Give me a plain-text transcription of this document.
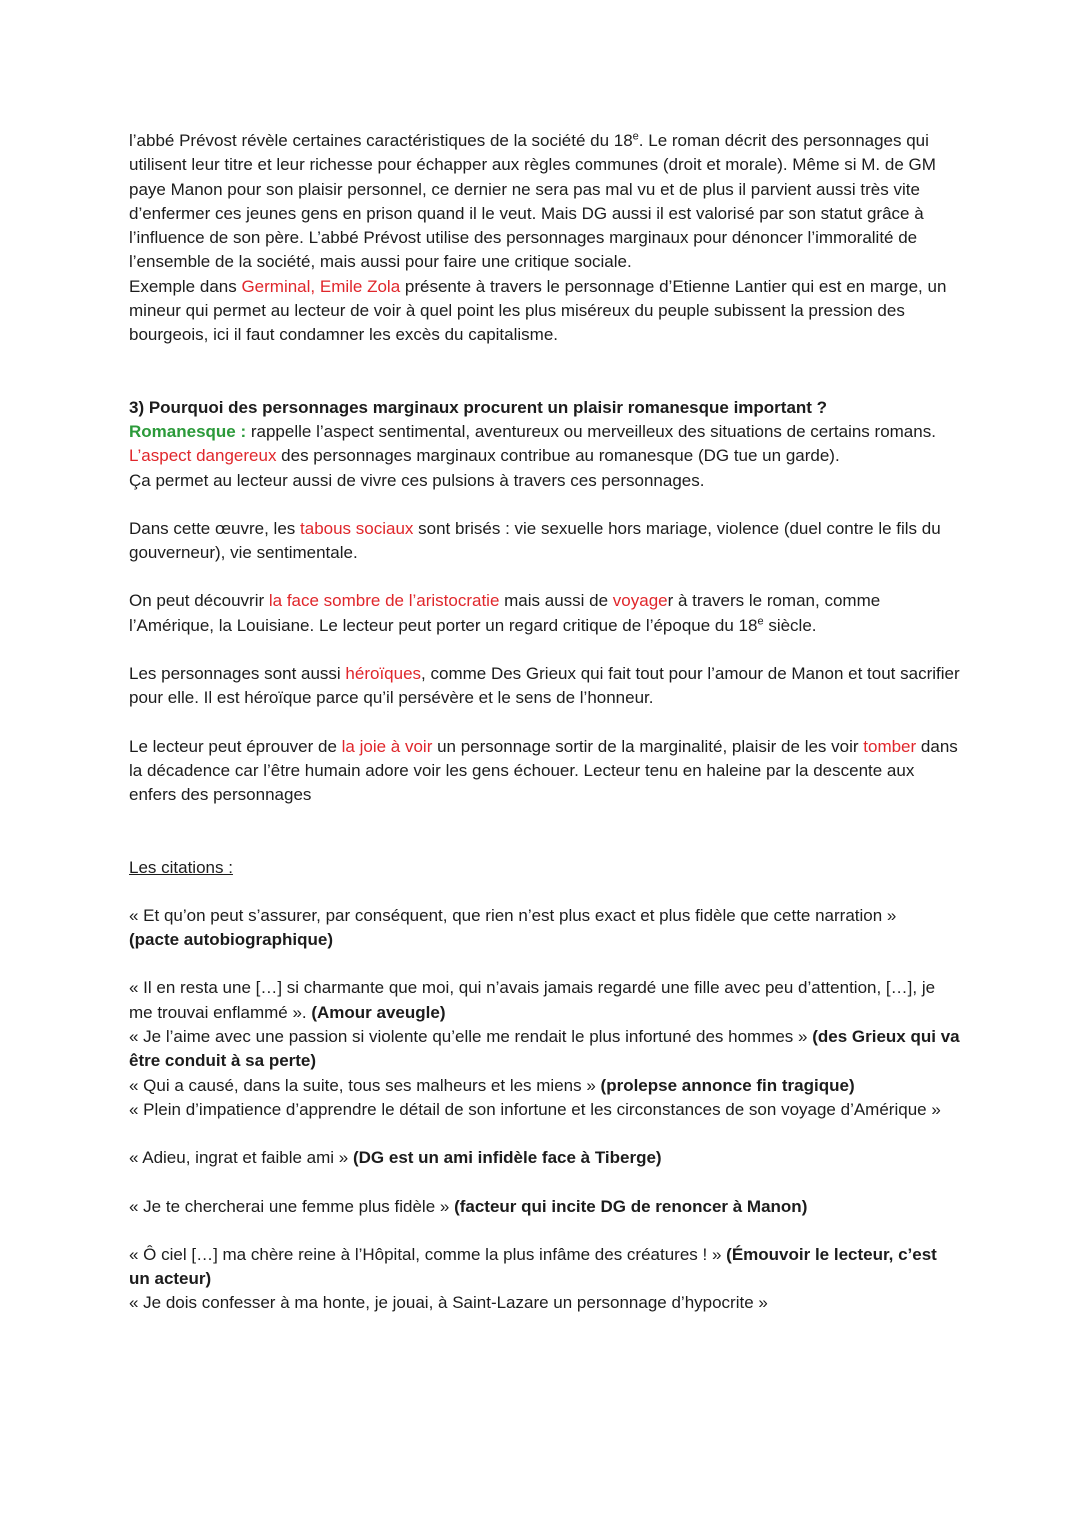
l’abbé Prévost révèle certaines caractéristiques de la société du 18e. Le roman décrit des personnages qui utilisent leur titre et leur richesse pour échapper aux règles communes (droit et morale). Même si M. de GM paye Manon pour son plaisir personnel, ce dernier ne sera pas mal vu et de plus il parvient aussi très vite d’enfermer ces jeunes gens en prison quand il le veut. Mais DG aussi il est valorisé par son statut grâce à l’influence de son père. L’abbé Prévost utilise des personnages marginaux pour dénoncer l’immoralité de l’ensemble de la société, mais aussi pour faire une critique sociale.
Exemple dans Germinal, Emile Zola présente à travers le personnage d’Etienne Lantier qui est en marge, un mineur qui permet au lecteur de voir à quel point les plus miséreux du peuple subissent la pression des bourgeois, ici il faut condamner les excès du capitalisme.

3) Pourquoi des personnages marginaux procurent un plaisir romanesque important ?

Romanesque : rappelle l’aspect sentimental, aventureux ou merveilleux des situations de certains romans.

L’aspect dangereux des personnages marginaux contribue au romanesque (DG tue un garde).

Ça permet au lecteur aussi de vivre ces pulsions à travers ces personnages.

Dans cette œuvre, les tabous sociaux sont brisés : vie sexuelle hors mariage, violence (duel contre le fils du gouverneur), vie sentimentale.

On peut découvrir la face sombre de l’aristocratie mais aussi de voyager à travers le roman, comme l’Amérique, la Louisiane. Le lecteur peut porter un regard critique de l’époque du 18e siècle.

Les personnages sont aussi héroïques, comme Des Grieux qui fait tout pour l’amour de Manon et tout sacrifier pour elle. Il est héroïque parce qu’il persévère et le sens de l’honneur.

Le lecteur peut éprouver de la joie à voir un personnage sortir de la marginalité, plaisir de les voir tomber dans la décadence car l’être humain adore voir les gens échouer. Lecteur tenu en haleine par la descente aux enfers des personnages

Les citations :

« Et qu’on peut s’assurer, par conséquent, que rien n’est plus exact et plus fidèle que cette narration »
(pacte autobiographique)

« Il en resta une […] si charmante que moi, qui n’avais jamais regardé une fille avec peu d’attention, […], je me trouvai enflammé ». (Amour aveugle)

« Je l’aime avec une passion si violente qu’elle me rendait le plus infortuné des hommes » (des Grieux qui va être conduit à sa perte)

« Qui a causé, dans la suite, tous ses malheurs et les miens » (prolepse annonce fin tragique)

« Plein d’impatience d’apprendre le détail de son infortune et les circonstances de son voyage d’Amérique »

« Adieu, ingrat et faible ami » (DG est un ami infidèle face à Tiberge)

« Je te chercherai une femme plus fidèle » (facteur qui incite DG de renoncer à Manon)

« Ô ciel […] ma chère reine à l’Hôpital, comme la plus infâme des créatures ! » (Émouvoir le lecteur, c’est un acteur)

« Je dois confesser à ma honte, je jouai, à Saint-Lazare un personnage d’hypocrite »
